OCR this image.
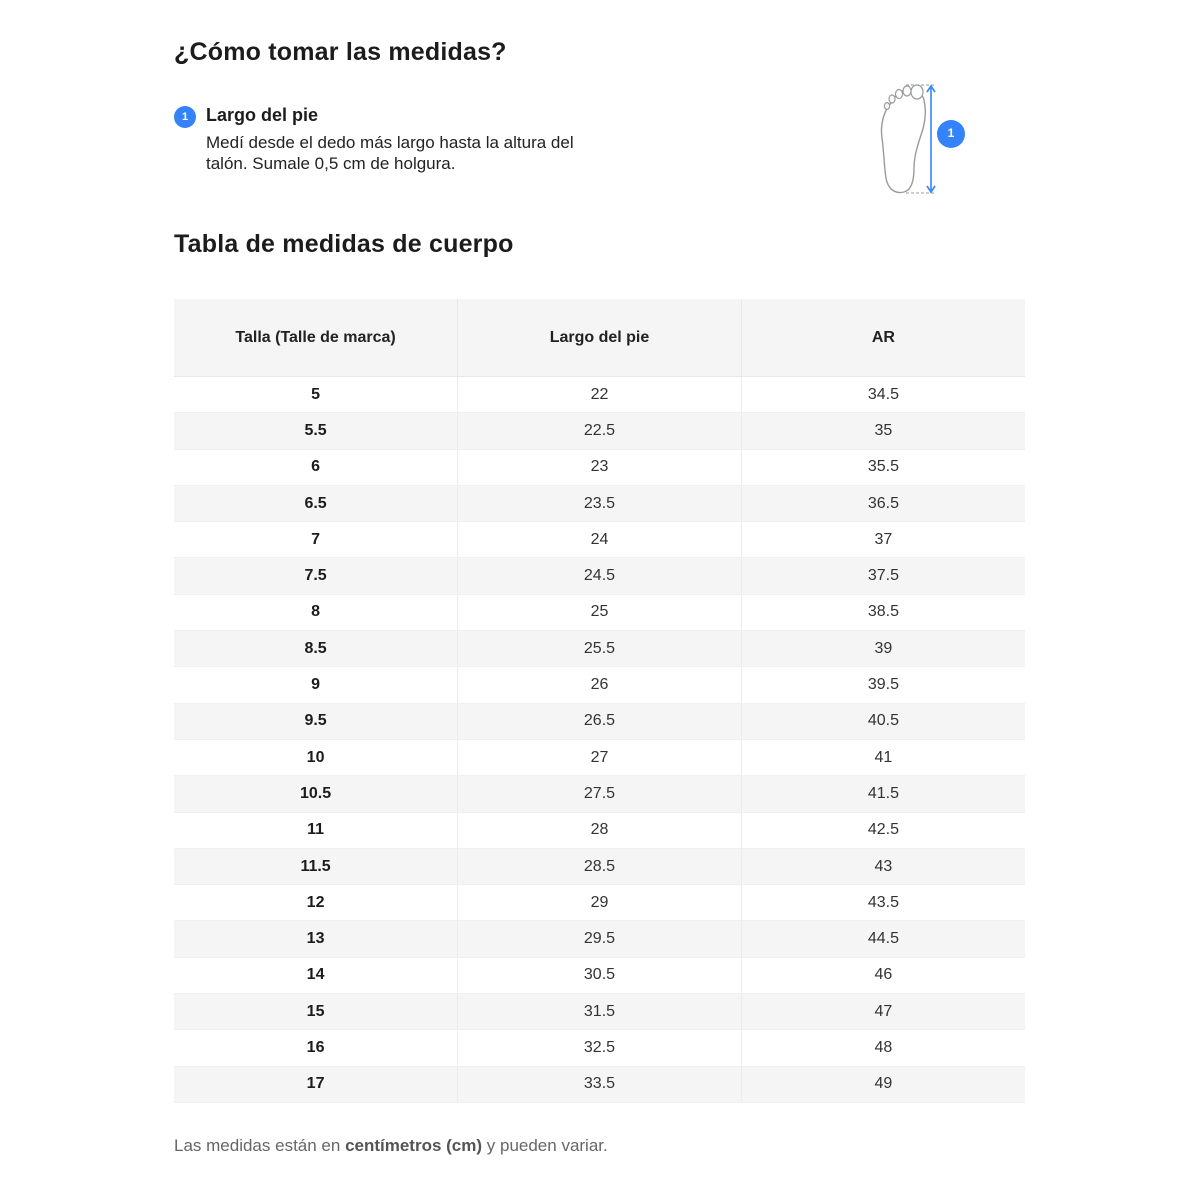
¿Cómo tomar las medidas?
1 Largo del pie
Medí desde el dedo más largo hasta la altura del talón. Sumale 0,5 cm de holgura.
1
Tabla de medidas de cuerpo
Talla (Talle de marca)	Largo del pie	AR
5	22	34.5
5.5	22.5	35
6	23	35.5
6.5	23.5	36.5
7	24	37
7.5	24.5	37.5
8	25	38.5
8.5	25.5	39
9	26	39.5
9.5	26.5	40.5
10	27	41
10.5	27.5	41.5
11	28	42.5
11.5	28.5	43
12	29	43.5
13	29.5	44.5
14	30.5	46
15	31.5	47
16	32.5	48
17	33.5	49
Las medidas están en centímetros (cm) y pueden variar.
